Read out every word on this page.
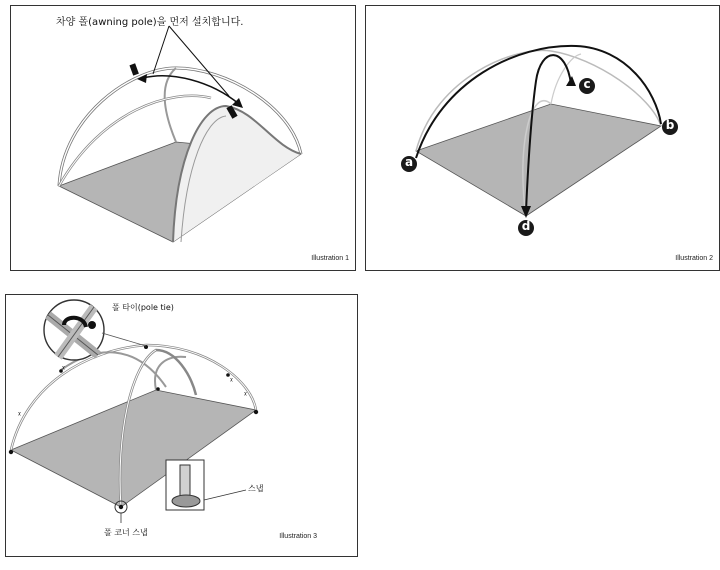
차양 폴(awning pole)을 먼저 설치합니다.
Illustration 1
a
b
c
d
Illustration 2
ᵡ
ᵡ
ᵡ
ᵡ
폴 타이(pole tie)
스냅
폴 코너 스냅	Illustration 3
